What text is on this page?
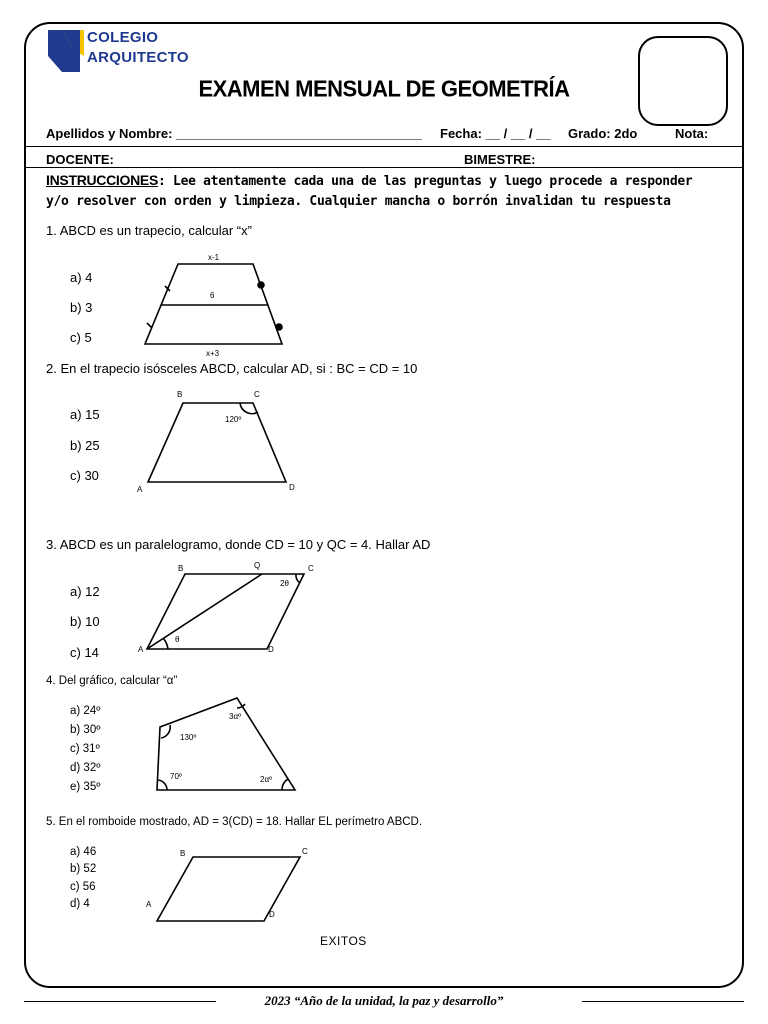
x-1
6
x+3
B	C
A	D
120º
B	Q	C
A	D
2θ
θ
3αº
130º
70º	2αº
B	C
A
D
COLEGIO
ARQUITECTO
EXAMEN MENSUAL DE GEOMETRÍA
Apellidos y Nombre: __________________________________ Fecha: __ / __ / __ Grado: 2do	Nota:
DOCENTE:	BIMESTRE:
INSTRUCCIONES: Lee atentamente cada una de las preguntas y luego procede a responder y/o resolver con orden y limpieza. Cualquier mancha o borrón invalidan tu respuesta
1. ABCD es un trapecio, calcular “x”
a) 4
b) 3
c) 5
2. En el trapecio isósceles ABCD, calcular AD, si : BC = CD = 10
a) 15
b) 25
c) 30
3. ABCD es un paralelogramo, donde CD = 10 y QC = 4. Hallar AD
a) 12
b) 10
c) 14
4. Del gráfico, calcular “α”
a) 24º
b) 30º
c) 31º
d) 32º
e) 35º
5. En el romboide mostrado, AD = 3(CD) = 18. Hallar EL perímetro ABCD.
a) 46
b) 52
c) 56
d) 4
EXITOS
2023 “Año de la unidad, la paz y desarrollo”
